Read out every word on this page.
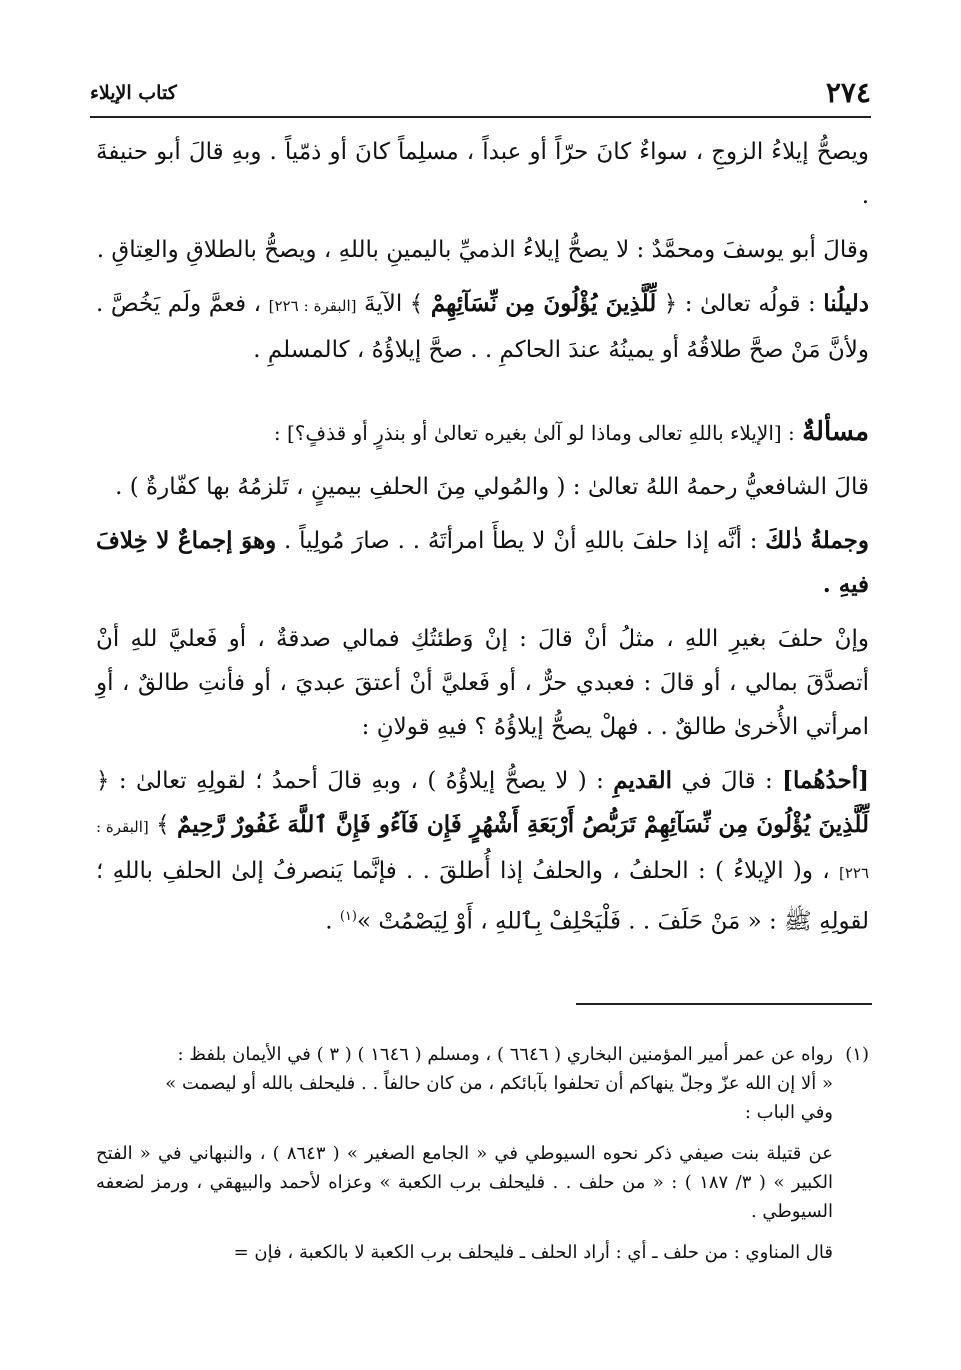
٢٧٤
كتاب الإيلاء

ويصحُّ إيلاءُ الزوجِ ، سواءٌ كانَ حرّاً أو عبداً ، مسلِماً كانَ أو ذمّياً . وبهِ قالَ أبو حنيفةَ .

وقالَ أبو يوسفَ ومحمَّدٌ : لا يصحُّ إيلاءُ الذميِّ باليمينِ باللهِ ، ويصحُّ بالطلاقِ والعِتاقِ .

دليلُنا : قولُه تعالىٰ : ﴿ لِّلَّذِينَ يُؤْلُونَ مِن نِّسَآئِهِمْ ﴾ الآيةَ [البقرة : ٢٢٦] ، فعمَّ ولَم يَخُصَّ . ولأنَّ مَنْ صحَّ طلاقُهُ أو يمينُهُ عندَ الحاكمِ . . صحَّ إيلاؤُهُ ، كالمسلمِ .

مسألةٌ : [الإيلاء باللهِ تعالى وماذا لو آلىٰ بغيره تعالىٰ أو بنذرٍ أو قذفٍ؟] :

قالَ الشافعيُّ رحمهُ اللهُ تعالىٰ : ( والمُولي مِنَ الحلفِ بيمينٍ ، تَلزمُهُ بها كفّارةٌ ) .

وجملةُ ذٰلكَ : أنَّه إذا حلفَ باللهِ أنْ لا يطأَ امرأتَهُ . . صارَ مُولِياً . وهوَ إجماعٌ لا خِلافَ فيهِ .

وإنْ حلفَ بغيرِ اللهِ ، مثلُ أنْ قالَ : إنْ وَطئتُكِ فمالي صدقةٌ ، أو فَعليَّ للهِ أنْ أتصدَّقَ بمالي ، أو قالَ : فعبدي حرٌّ ، أو فَعليَّ أنْ أعتقَ عبديَ ، أو فأنتِ طالقٌ ، أوِ امرأتي الأُخرىٰ طالقٌ . . فهلْ يصحُّ إيلاؤُهُ ؟ فيهِ قولانِ :

[أحدُهُما] : قالَ في القديمِ : ( لا يصحُّ إيلاؤُهُ ) ، وبهِ قالَ أحمدُ ؛ لقولِهِ تعالىٰ : ﴿ لِّلَّذِينَ يُؤْلُونَ مِن نِّسَآئِهِمْ تَرَبُّصُ أَرْبَعَةِ أَشْهُرٍ فَإِن فَآءُو فَإِنَّ ٱللَّهَ غَفُورٌ رَّحِيمٌ ﴾ [البقرة : ٢٢٦] ، و( الإيلاءُ ) : الحلفُ ، والحلفُ إذا أُطلقَ . . فإنَّما يَنصرفُ إلىٰ الحلفِ باللهِ ؛ لقولِهِ ﷺ : « مَنْ حَلَفَ . . فَلْيَحْلِفْ بِٱللهِ ، أَوْ لِيَصْمُتْ »$^{(١)}$ .

(١)رواه عن عمر أمير المؤمنين البخاري ( ٦٦٤٦ ) ، ومسلم ( ١٦٤٦ ) ( ٣ ) في الأيمان بلفظ :
« ألا إن الله عزّ وجلّ ينهاكم أن تحلفوا بآبائكم ، من كان حالفاً . . فليحلف بالله أو ليصمت »
وفي الباب :

عن قتيلة بنت صيفي ذكر نحوه السيوطي في « الجامع الصغير » ( ٨٦٤٣ ) ، والنبهاني في « الفتح الكبير » ( ٣/ ١٨٧ ) : « من حلف . . فليحلف برب الكعبة » وعزاه لأحمد والبيهقي ، ورمز لضعفه السيوطي .

قال المناوي : من حلف ـ أي : أراد الحلف ـ فليحلف برب الكعبة لا بالكعبة ، فإن =
